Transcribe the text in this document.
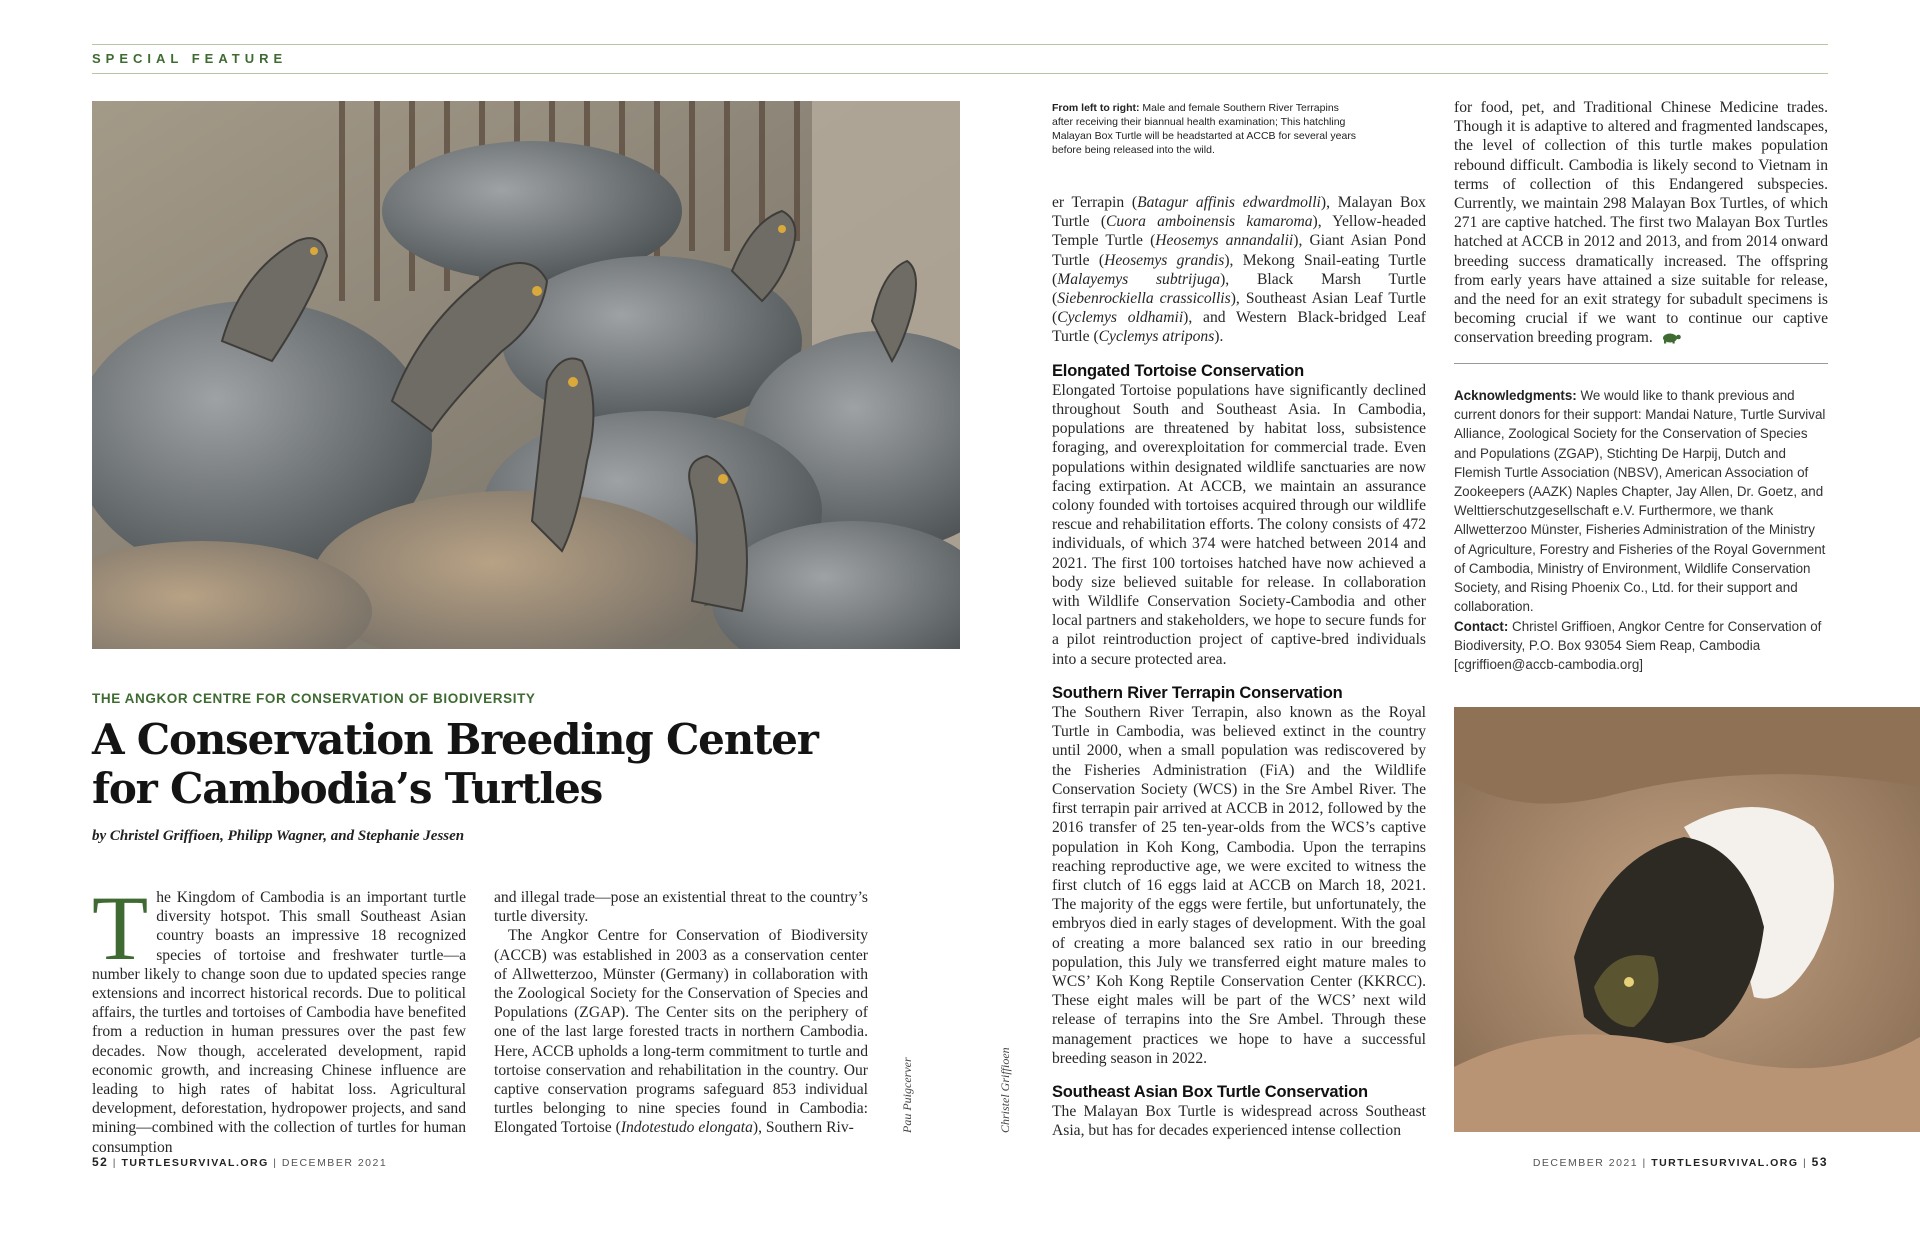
SPECIAL FEATURE
THE ANGKOR CENTRE FOR CONSERVATION OF BIODIVERSITY
A Conservation Breeding Center
for Cambodia’s Turtles
by Christel Griffioen, Philipp Wagner, and Stephanie Jessen
The Kingdom of Cambodia is an important turtle diversity hotspot. This small Southeast Asian country boasts an impressive 18 recognized species of tortoise and freshwater turtle—a number likely to change soon due to updated species range extensions and incorrect historical records. Due to political affairs, the turtles and tortoises of Cambodia have benefited from a reduction in human pressures over the past few decades. Now though, accelerated development, rapid economic growth, and increasing Chinese influence are leading to high rates of habitat loss. Agricultural development, deforestation, hydropower projects, and sand mining—combined with the collection of turtles for human consumption

and illegal trade—pose an existential threat to the country’s turtle diversity.

The Angkor Centre for Conservation of Biodiversity (ACCB) was established in 2003 as a conservation center of Allwetterzoo, Münster (Germany) in collaboration with the Zoological Society for the Conservation of Species and Populations (ZGAP). The Center sits on the periphery of one of the last large forested tracts in northern Cambodia. Here, ACCB upholds a long-term commitment to turtle and tortoise conservation and rehabilitation in the country. Our captive conservation programs safeguard 853 individual turtles belonging to nine species found in Cambodia: Elongated Tortoise (Indotestudo elongata), Southern Riv-	Pau Puigcerver	Christel Griffioen
From left to right: Male and female Southern River Terrapins after receiving their biannual health examination; This hatchling Malayan Box Turtle will be headstarted at ACCB for several years before being released into the wild.

er Terrapin (Batagur affinis edwardmolli), Malayan Box Turtle (Cuora amboinensis kamaroma), Yellow-headed Temple Turtle (Heosemys annandalii), Giant Asian Pond Turtle (Heosemys grandis), Mekong Snail-eating Turtle (Malayemys subtrijuga), Black Marsh Turtle (Siebenrockiella crassicollis), Southeast Asian Leaf Turtle (Cyclemys oldhamii), and Western Black-bridged Leaf Turtle (Cyclemys atripons).

Elongated Tortoise Conservation

Elongated Tortoise populations have significantly declined throughout South and Southeast Asia. In Cambodia, populations are threatened by habitat loss, subsistence foraging, and overexploitation for commercial trade. Even populations within designated wildlife sanctuaries are now facing extirpation. At ACCB, we maintain an assurance colony founded with tortoises acquired through our wildlife rescue and rehabilitation efforts. The colony consists of 472 individuals, of which 374 were hatched between 2014 and 2021. The first 100 tortoises hatched have now achieved a body size believed suitable for release. In collaboration with Wildlife Conservation Society-Cambodia and other local partners and stakeholders, we hope to secure funds for a pilot reintroduction project of captive-bred individuals into a secure protected area.

Southern River Terrapin Conservation

The Southern River Terrapin, also known as the Royal Turtle in Cambodia, was believed extinct in the country until 2000, when a small population was rediscovered by the Fisheries Administration (FiA) and the Wildlife Conservation Society (WCS) in the Sre Ambel River. The first terrapin pair arrived at ACCB in 2012, followed by the 2016 transfer of 25 ten-year-olds from the WCS’s captive population in Koh Kong, Cambodia. Upon the terrapins reaching reproductive age, we were excited to witness the first clutch of 16 eggs laid at ACCB on March 18, 2021. The majority of the eggs were fertile, but unfortunately, the embryos died in early stages of development. With the goal of creating a more balanced sex ratio in our breeding population, this July we transferred eight mature males to WCS’ Koh Kong Reptile Conservation Center (KKRCC). These eight males will be part of the WCS’ next wild release of terrapins into the Sre Ambel. Through these management practices we hope to have a successful breeding season in 2022.

Southeast Asian Box Turtle Conservation

The Malayan Box Turtle is widespread across Southeast Asia, but has for decades experienced intense collection

for food, pet, and Traditional Chinese Medicine trades. Though it is adaptive to altered and fragmented landscapes, the level of collection of this turtle makes population rebound difficult. Cambodia is likely second to Vietnam in terms of collection of this Endangered subspecies. Currently, we maintain 298 Malayan Box Turtles, of which 271 are captive hatched. The first two Malayan Box Turtles hatched at ACCB in 2012 and 2013, and from 2014 onward breeding success dramatically increased. The offspring from early years have attained a size suitable for release, and the need for an exit strategy for subadult specimens is becoming crucial if we want to continue our captive conservation breeding program.

Acknowledgments: We would like to thank previous and current donors for their support: Mandai Nature, Turtle Survival Alliance, Zoological Society for the Conservation of Species and Populations (ZGAP), Stichting De Harpij, Dutch and Flemish Turtle Association (NBSV), American Association of Zookeepers (AAZK) Naples Chapter, Jay Allen, Dr. Goetz, and Welttierschutzgesellschaft e.V. Furthermore, we thank Allwetterzoo Münster, Fisheries Administration of the Ministry of Agriculture, Forestry and Fisheries of the Royal Government of Cambodia, Ministry of Environment, Wildlife Conservation Society, and Rising Phoenix Co., Ltd. for their support and collaboration.
Contact: Christel Griffioen, Angkor Centre for Conservation of Biodiversity, P.O. Box 93054 Siem Reap, Cambodia [cgriffioen@accb-cambodia.org]
52 | TURTLESURVIVAL.ORG | DECEMBER 2021	DECEMBER 2021 | TURTLESURVIVAL.ORG | 53
